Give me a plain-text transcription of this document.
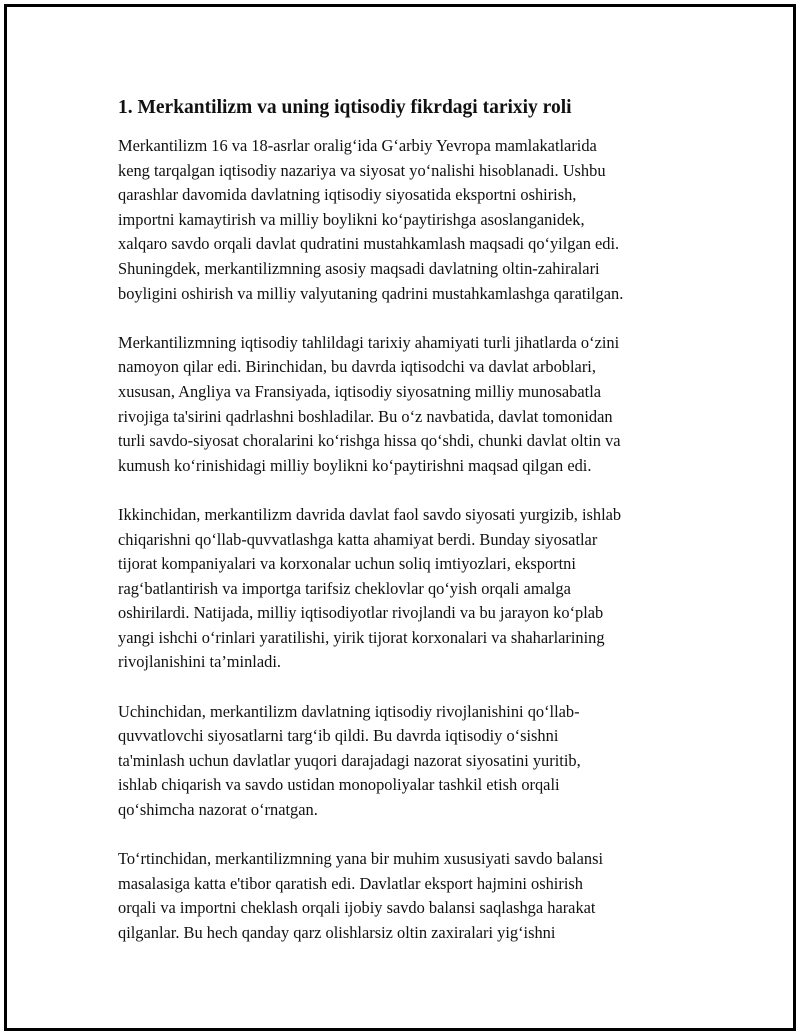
1. Merkantilizm va uning iqtisodiy fikrdagi tarixiy roli
Merkantilizm 16 va 18-asrlar oralig‘ida G‘arbiy Yevropa mamlakatlarida
keng tarqalgan iqtisodiy nazariya va siyosat yo‘nalishi hisoblanadi. Ushbu
qarashlar davomida davlatning iqtisodiy siyosatida eksportni oshirish,
importni kamaytirish va milliy boylikni ko‘paytirishga asoslanganidek,
xalqaro savdo orqali davlat qudratini mustahkamlash maqsadi qo‘yilgan edi.
Shuningdek, merkantilizmning asosiy maqsadi davlatning oltin-zahiralari
boyligini oshirish va milliy valyutaning qadrini mustahkamlashga qaratilgan.
Merkantilizmning iqtisodiy tahlildagi tarixiy ahamiyati turli jihatlarda o‘zini
namoyon qilar edi. Birinchidan, bu davrda iqtisodchi va davlat arboblari,
xususan, Angliya va Fransiyada, iqtisodiy siyosatning milliy munosabatla
rivojiga ta'sirini qadrlashni boshladilar. Bu o‘z navbatida, davlat tomonidan
turli savdo-siyosat choralarini ko‘rishga hissa qo‘shdi, chunki davlat oltin va
kumush ko‘rinishidagi milliy boylikni ko‘paytirishni maqsad qilgan edi.
Ikkinchidan, merkantilizm davrida davlat faol savdo siyosati yurgizib, ishlab
chiqarishni qo‘llab-quvvatlashga katta ahamiyat berdi. Bunday siyosatlar
tijorat kompaniyalari va korxonalar uchun soliq imtiyozlari, eksportni
rag‘batlantirish va importga tarifsiz cheklovlar qo‘yish orqali amalga
oshirilardi. Natijada, milliy iqtisodiyotlar rivojlandi va bu jarayon ko‘plab
yangi ishchi o‘rinlari yaratilishi, yirik tijorat korxonalari va shaharlarining
rivojlanishini ta’minladi.
Uchinchidan, merkantilizm davlatning iqtisodiy rivojlanishini qo‘llab-
quvvatlovchi siyosatlarni targ‘ib qildi. Bu davrda iqtisodiy o‘sishni
ta'minlash uchun davlatlar yuqori darajadagi nazorat siyosatini yuritib,
ishlab chiqarish va savdo ustidan monopoliyalar tashkil etish orqali
qo‘shimcha nazorat o‘rnatgan.
To‘rtinchidan, merkantilizmning yana bir muhim xususiyati savdo balansi
masalasiga katta e'tibor qaratish edi. Davlatlar eksport hajmini oshirish
orqali va importni cheklash orqali ijobiy savdo balansi saqlashga harakat
qilganlar. Bu hech qanday qarz olishlarsiz oltin zaxiralari yig‘ishni
